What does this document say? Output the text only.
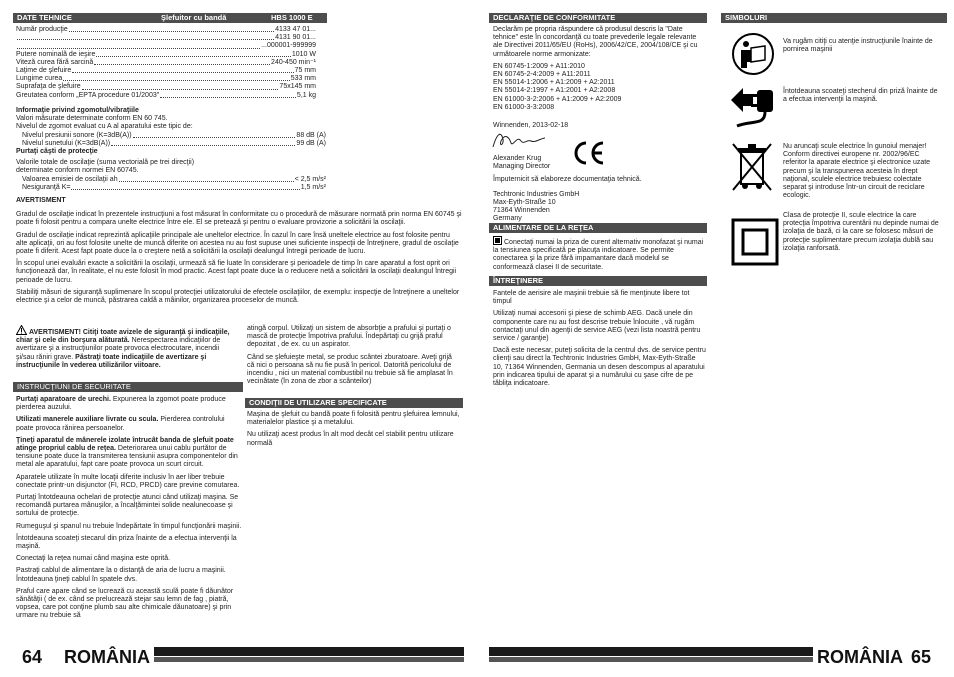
DATE TEHNICE	Şlefuitor cu bandă	HBS 1000 E
Număr producţie	4133 47 01...
4131 90 01...
...000001-999999
Putere nominală de ieşire	1010 W
Viteză curea fără sarcină	240-450 min⁻¹
Laţime de şlefuire	75 mm
Lungime curea	533 mm
Suprafaţa de şlefuire	75x145 mm
Greutatea conform „EPTA procedure 01/2003"	5,1 kg
Informaţie privind zgomotul/vibraţiile
Valori măsurate determinate conform EN 60 745.
Nivelul de zgomot evaluat cu A al aparatului este tipic de:
Nivelul presiunii sonore (K=3dB(A))	88 dB (A)
Nivelul sunetului (K=3dB(A))	99 dB (A)
Purtaţi căşti de protecţie
Valorile totale de oscilaţie (suma vectorială pe trei direcţii)
determinate conform normei EN 60745.
Valoarea emisiei de oscilaţii ah	< 2,5 m/s²
Nesiguranţă K=	1,5 m/s²

AVERTISMENT

Gradul de oscilaţie indicat în prezentele instrucţiuni a fost măsurat în conformitate cu o procedură de măsurare normată prin norma EN 60745 şi poate fi folosit pentru a compara unelte electrice între ele. El se pretează şi pentru o evaluare provizorie a solicitării la oscilaţii.

Gradul de oscilaţie indicat reprezintă aplicaţiile principale ale uneltelor electrice. În cazul în care însă uneltele electrice au fost folosite pentru alte aplicaţii, ori au fost folosite unelte de muncă diferite ori acestea nu au fost supuse unei suficiente inspecţii de întreţinere, gradul de oscilaţie poate fi diferit. Acest fapt poate duce la o creştere netă a solicitării la oscilaţii dealungul întregii perioade de lucru.

În scopul unei evaluări exacte a solicitării la oscilaţii, urmează să fie luate în considerare şi perioadele de timp în care aparatul a fost oprit ori funcţionează dar, în realitate, el nu este folosit în mod practic. Acest fapt poate duce la o reducere netă a solicitării la oscilaţii dealungul întregii perioade de lucru.

Stabiliţi măsuri de siguranţă suplimenare în scopul protecţiei utilizatorului de efectele oscilaţiilor, de exemplu: inspecţie de întreţinere a uneltelor electrice şi a celor de muncă, păstrarea caldă a mâinilor, organizarea proceselor de muncă.

AVERTISMENT! Citiţi toate avizele de siguranţă şi indicaţiile, chiar şi cele din borşura alăturată. Nerespectarea indicaţiilor de avertizare şi a instrucţiunilor poate provoca electrocutare, incendii şi/sau răniri grave. Păstraţi toate indicaţiile de avertizare şi instrucţiunile în vederea utilizărilor viitoare.
INSTRUCŢIUNI DE SECURITATE

Purtaţi aparatoare de urechi. Expunerea la zgomot poate produce pierderea auzului.

Utilizati manerele auxiliare livrate cu scula. Pierderea controlului poate provoca rănirea persoanelor.

Ţineţi aparatul de mânerele izolate întrucât banda de şlefuit poate atinge propriul cablu de reţea. Deteriorarea unui cablu purtător de tensiune poate duce la transmiterea tensiunii asupra componentelor din metal ale aparatului, fapt care poate provoca un scurt circuit.

Aparatele utilizate în multe locaţii diferite inclusiv în aer liber trebuie conectate printr-un disjunctor (FI, RCD, PRCD) care previne comutarea.

Purtaţi întotdeauna ochelari de protecţie atunci când utilizaţi maşina. Se recomandă purtarea mânuşilor, a încalţămintei solide nealunecoase şi sortului de protecţie.

Rumeguşul şi spanul nu trebuie îndepărtate în timpul funcţionării maşinii.

Întotdeauna scoateţi stecarul din priza înainte de a efectua intervenţii la maşină.

Conectaţi la reţea numai când maşina este oprită.

Pastraţi cablul de alimentare la o distanţă de aria de lucru a maşinii. Întotdeauna ţineţi cablul în spatele dvs.

Praful care apare când se lucrează cu această sculă poate fi dăunător sănătăţii ( de ex. când se prelucrează stejar sau lemn de fag , piatră, vopsea, care pot conţine plumb sau alte chimicale dăunatoare) şi prin urmare nu trebuie să

atingă corpul. Utilizaţi un sistem de absorbţie a prafului şi purtaţi o mască de protecţie împotriva prafului. Îndepărtaţi cu grijă praful depozitat , de ex. cu un aspirator.

Când se şlefuieşte metal, se produc scântei zburatoare. Aveţi grijă că nici o persoana să nu fie pusă în pericol. Datorită pericolului de incendiu , nici un material combustibil nu trebuie să fie amplasat în vecinătate (în zona de zbor a scânteilor)

CONDIŢII DE UTILIZARE SPECIFICATE

Maşina de şlefuit cu bandă poate fi folosită pentru şlefuirea lemnului, materialelor plastice şi a metalului.

Nu utilizaţi acest produs în alt mod decât cel stabilit pentru utilizare normală

64 ROMÂNIA
DECLARAŢIE DE CONFORMITATE

Declarăm pe propria răspundere că produsul descris la "Date tehnice" este în concordanţă cu toate prevederile legale relevante ale Directivei 2011/65/EU (RoHs), 2006/42/CE, 2004/108/CE şi cu următoarele norme armonizate:

EN 60745-1:2009 + A11:2010
EN 60745-2-4:2009 + A11:2011
EN 55014-1:2006 + A1:2009 + A2:2011
EN 55014-2:1997 + A1:2001 + A2:2008
EN 61000-3-2:2006 + A1:2009 + A2:2009
EN 61000-3-3:2008
Winnenden, 2013-02-18
Alexander Krug
Managing Director
Împuternicit să elaboreze documentaţia tehnică.
Techtronic Industries GmbH
Max-Eyth-Straße 10
71364 Winnenden
Germany
ALIMENTARE DE LA REŢEA
Conectaţi numai la priza de curent alternativ monofazat şi numai la tensiunea specificată pe placuţa indicatoare. Se permite conectarea şi la prize fără impamantare dacă modelul se conformează clasei II de securitate.
ÎNTREŢINERE

Fantele de aerisire ale maşinii trebuie să fie menţinute libere tot timpul

Utilizaţi numai accesorii şi piese de schimb AEG. Dacă unele din componente care nu au fost descrise trebuie înlocuite , vă rugăm contactaţi unul din agenţii de service AEG (vezi lista noastră pentru service / garanţie)

Dacă este necesar, puteţi solicita de la centrul dvs. de service pentru clienţi sau direct la Techtronic Industries GmbH, Max-Eyth-Straße 10, 71364 Winnenden, Germania un desen descompus al aparatului prin indicarea tipului de aparat şi a numărului cu şase cifre de pe tăbliţa indicatoare.

SIMBOLURI
Va rugăm citiţi cu atenţie instrucţiunile înainte de pornirea maşinii
Întotdeauna scoateţi stecherul din priză înainte de a efectua intervenţii la maşină.
Nu aruncaţi scule electrice în gunoiul menajer! Conform directivei europene nr. 2002/96/EC referitor la aparate electrice şi electronice uzate precum şi la transpunerea acesteia în drept naţional, sculele electrice trebuiesc colectate separat şi introduse într-un circuit de reciclare ecologic.
Clasa de protecţie II, scule electrice la care protecţia împotriva curentării nu depinde numai de izolaţia de bază, ci la care se folosesc măsuri de protecţie suplimentare precum izolaţia dublă sau izolaţia ranforsată.
ROMÂNIA 65
